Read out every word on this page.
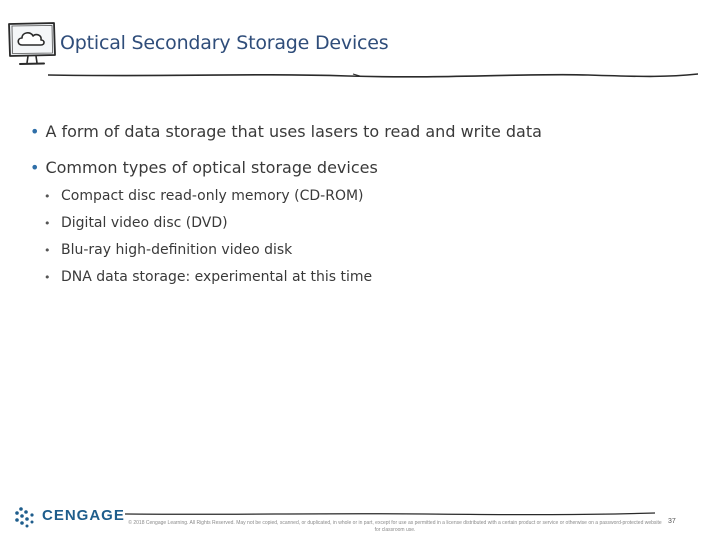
Optical Secondary Storage Devices
• A form of data storage that uses lasers to read and write data
• Common types of optical storage devices
• Compact disc read-only memory (CD-ROM)
• Digital video disc (DVD)
• Blu-ray high-definition video disk
• DNA data storage: experimental at this time
CENGAGE © 2018 Cengage Learning. All Rights Reserved. May not be copied, scanned, or duplicated, in whole or in part, except for use as permitted in a license distributed with a certain product or service or otherwise on a password-protected website for classroom use.
37
